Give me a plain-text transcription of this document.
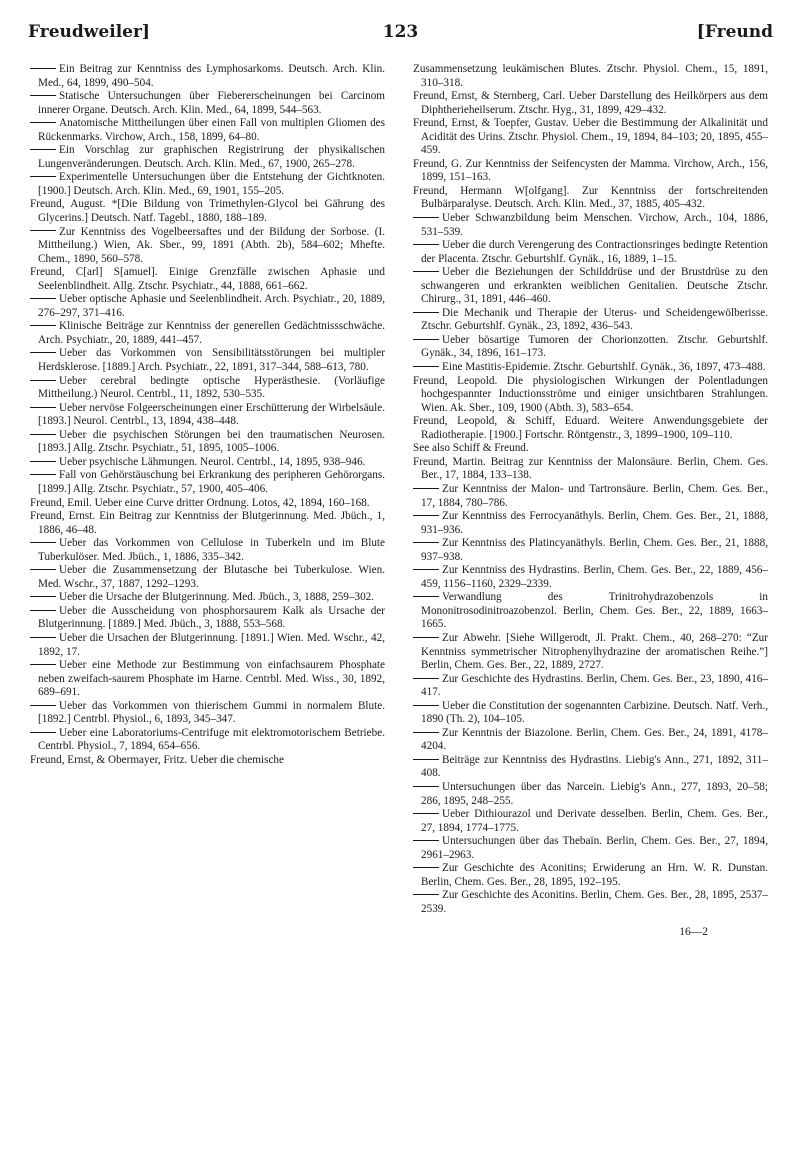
Freudweiler]	123	[Freund

Ein Beitrag zur Kenntniss des Lymphosarkoms. Deutsch. Arch. Klin. Med., 64, 1899, 490–504.

Statische Untersuchungen über Fiebererscheinungen bei Carcinom innerer Organe. Deutsch. Arch. Klin. Med., 64, 1899, 544–563.

Anatomische Mittheilungen über einen Fall von multiplen Gliomen des Rückenmarks. Virchow, Arch., 158, 1899, 64–80.

Ein Vorschlag zur graphischen Registrirung der physikalischen Lungenveränderungen. Deutsch. Arch. Klin. Med., 67, 1900, 265–278.

Experimentelle Untersuchungen über die Entstehung der Gichtknoten. [1900.] Deutsch. Arch. Klin. Med., 69, 1901, 155–205.

Freund, August. *[Die Bildung von Trimethylen-Glycol bei Gährung des Glycerins.] Deutsch. Natf. Tagebl., 1880, 188–189.

Zur Kenntniss des Vogelbeersaftes und der Bildung der Sorbose. (I. Mittheilung.) Wien, Ak. Sber., 99, 1891 (Abth. 2b), 584–602; Mhefte. Chem., 1890, 560–578.

Freund, C[arl] S[amuel]. Einige Grenzfälle zwischen Aphasie und Seelenblindheit. Allg. Ztschr. Psychiatr., 44, 1888, 661–662.

Ueber optische Aphasie und Seelenblindheit. Arch. Psychiatr., 20, 1889, 276–297, 371–416.

Klinische Beiträge zur Kenntniss der generellen Gedächtnissschwäche. Arch. Psychiatr., 20, 1889, 441–457.

Ueber das Vorkommen von Sensibilitätsstörungen bei multipler Herdsklerose. [1889.] Arch. Psychiatr., 22, 1891, 317–344, 588–613, 780.

Ueber cerebral bedingte optische Hyperästhesie. (Vorläufige Mittheilung.) Neurol. Centrbl., 11, 1892, 530–535.

Ueber nervöse Folgeerscheinungen einer Erschütterung der Wirbelsäule. [1893.] Neurol. Centrbl., 13, 1894, 438–448.

Ueber die psychischen Störungen bei den traumatischen Neurosen. [1893.] Allg. Ztschr. Psychiatr., 51, 1895, 1005–1006.

Ueber psychische Lähmungen. Neurol. Centrbl., 14, 1895, 938–946.

Fall von Gehörstäuschung bei Erkrankung des peripheren Gehörorgans. [1899.] Allg. Ztschr. Psychiatr., 57, 1900, 405–406.

Freund, Emil. Ueber eine Curve dritter Ordnung. Lotos, 42, 1894, 160–168.

Freund, Ernst. Ein Beitrag zur Kenntniss der Blutgerinnung. Med. Jbüch., 1, 1886, 46–48.

Ueber das Vorkommen von Cellulose in Tuberkeln und im Blute Tuberkulöser. Med. Jbüch., 1, 1886, 335–342.

Ueber die Zusammensetzung der Blutasche bei Tuberkulose. Wien. Med. Wschr., 37, 1887, 1292–1293.

Ueber die Ursache der Blutgerinnung. Med. Jbüch., 3, 1888, 259–302.

Ueber die Ausscheidung von phosphorsaurem Kalk als Ursache der Blutgerinnung. [1889.] Med. Jbüch., 3, 1888, 553–568.

Ueber die Ursachen der Blutgerinnung. [1891.] Wien. Med. Wschr., 42, 1892, 17.

Ueber eine Methode zur Bestimmung von einfachsaurem Phosphate neben zweifach-saurem Phosphate im Harne. Centrbl. Med. Wiss., 30, 1892, 689–691.

Ueber das Vorkommen von thierischem Gummi in normalem Blute. [1892.] Centrbl. Physiol., 6, 1893, 345–347.

Ueber eine Laboratoriums-Centrifuge mit elektromotorischem Betriebe. Centrbl. Physiol., 7, 1894, 654–656.

Freund, Ernst, & Obermayer, Fritz. Ueber die chemische

Zusammensetzung leukämischen Blutes. Ztschr. Physiol. Chem., 15, 1891, 310–318.

Freund, Ernst, & Sternberg, Carl. Ueber Darstellung des Heilkörpers aus dem Diphtherieheilserum. Ztschr. Hyg., 31, 1899, 429–432.

Freund, Ernst, & Toepfer, Gustav. Ueber die Bestimmung der Alkalinität und Acidität des Urins. Ztschr. Physiol. Chem., 19, 1894, 84–103; 20, 1895, 455–459.

Freund, G. Zur Kenntniss der Seifencysten der Mamma. Virchow, Arch., 156, 1899, 151–163.

Freund, Hermann W[olfgang]. Zur Kenntniss der fortschreitenden Bulbärparalyse. Deutsch. Arch. Klin. Med., 37, 1885, 405–432.

Ueber Schwanzbildung beim Menschen. Virchow, Arch., 104, 1886, 531–539.

Ueber die durch Verengerung des Contractionsringes bedingte Retention der Placenta. Ztschr. Geburtshlf. Gynäk., 16, 1889, 1–15.

Ueber die Beziehungen der Schilddrüse und der Brustdrüse zu den schwangeren und erkrankten weiblichen Genitalien. Deutsche Ztschr. Chirurg., 31, 1891, 446–460.

Die Mechanik und Therapie der Uterus- und Scheidengewölberisse. Ztschr. Geburtshlf. Gynäk., 23, 1892, 436–543.

Ueber bösartige Tumoren der Chorionzotten. Ztschr. Geburtshlf. Gynäk., 34, 1896, 161–173.

Eine Mastitis-Epidemie. Ztschr. Geburtshlf. Gynäk., 36, 1897, 473–488.

Freund, Leopold. Die physiologischen Wirkungen der Polentladungen hochgespannter Inductionsströme und einiger unsichtbaren Strahlungen. Wien. Ak. Sber., 109, 1900 (Abth. 3), 583–654.

Freund, Leopold, & Schiff, Eduard. Weitere Anwendungsgebiete der Radiotherapie. [1900.] Fortschr. Röntgenstr., 3, 1899–1900, 109–110.

See also Schiff & Freund.

Freund, Martin. Beitrag zur Kenntniss der Malonsäure. Berlin, Chem. Ges. Ber., 17, 1884, 133–138.

Zur Kenntniss der Malon- und Tartronsäure. Berlin, Chem. Ges. Ber., 17, 1884, 780–786.

Zur Kenntniss des Ferrocyanäthyls. Berlin, Chem. Ges. Ber., 21, 1888, 931–936.

Zur Kenntniss des Platincyanäthyls. Berlin, Chem. Ges. Ber., 21, 1888, 937–938.

Zur Kenntniss des Hydrastins. Berlin, Chem. Ges. Ber., 22, 1889, 456–459, 1156–1160, 2329–2339.

Verwandlung des Trinitrohydrazobenzols in Mononitrosodinitroazobenzol. Berlin, Chem. Ges. Ber., 22, 1889, 1663–1665.

Zur Abwehr. [Siehe Willgerodt, Jl. Prakt. Chem., 40, 268–270: “Zur Kenntniss symmetrischer Nitrophenylhydrazine der aromatischen Reihe.”] Berlin, Chem. Ges. Ber., 22, 1889, 2727.

Zur Geschichte des Hydrastins. Berlin, Chem. Ges. Ber., 23, 1890, 416–417.

Ueber die Constitution der sogenannten Carbizine. Deutsch. Natf. Verh., 1890 (Th. 2), 104–105.

Zur Kenntnis der Biazolone. Berlin, Chem. Ges. Ber., 24, 1891, 4178–4204.

Beiträge zur Kenntniss des Hydrastins. Liebig's Ann., 271, 1892, 311–408.

Untersuchungen über das Narcein. Liebig's Ann., 277, 1893, 20–58; 286, 1895, 248–255.

Ueber Dithiourazol und Derivate desselben. Berlin, Chem. Ges. Ber., 27, 1894, 1774–1775.

Untersuchungen über das Thebaïn. Berlin, Chem. Ges. Ber., 27, 1894, 2961–2963.

Zur Geschichte des Aconitins; Erwiderung an Hrn. W. R. Dunstan. Berlin, Chem. Ges. Ber., 28, 1895, 192–195.

Zur Geschichte des Aconitins. Berlin, Chem. Ges. Ber., 28, 1895, 2537–2539.

16—2
